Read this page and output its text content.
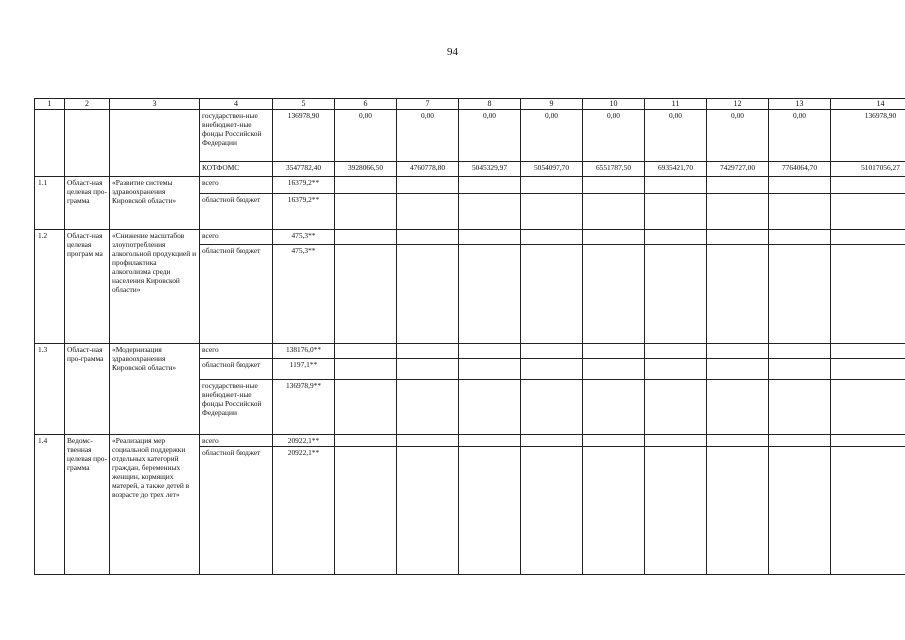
94
1	2	3	4	5	6	7	8	9	10	11	12	13	14
			государствен-ные внебюджет-ные фонды Российской Федерации	136978,90	0,00	0,00	0,00	0,00	0,00	0,00	0,00	0,00	136978,90
			КОТФОМС	3547782,40	3928066,50	4760778,80	5045329,97	5054097,70	6551787,50	6935421,70	7429727,00	7764064,70	51017056,27
1.1	Област-ная целевая про-грамма	«Развитие системы здравоохранения Кировской области»	всего	16379,2**									
			областной бюджет	16379,2**									
1.2	Област-ная целевая програм ма	«Снижение масштабов злоупотребления алкогольной продукцией и профилактика алкоголизма среди населения Кировской области»	всего	475,3**									
			областной бюджет	475,3**									
1.3	Област-ная про-грамма	«Модернизация здравоохранения Кировской области»	всего	138176,0**									
			областной бюджет	1197,1**									
			государствен-ные внебюджет-ные фонды Российской Федерации	136978,9**									
1.4	Ведомс-твенная целевая про-грамма	«Реализация мер социальной поддержки отдельных категорий граждан, беременных женщин, кормящих матерей, а также детей в возрасте до трех лет»	всего	20922,1**									
			областной бюджет	20922,1**									
